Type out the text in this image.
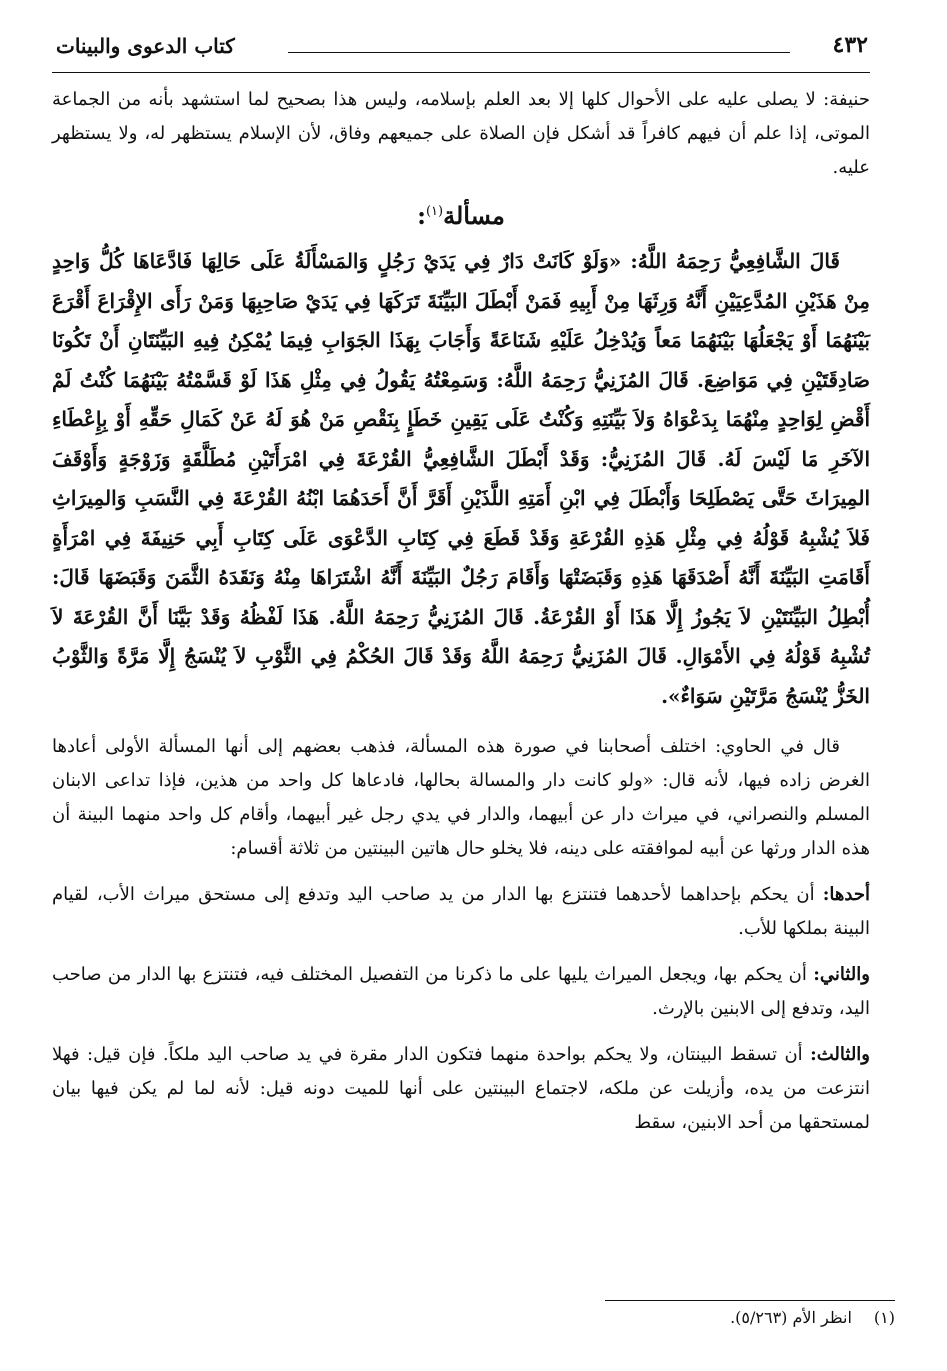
٤٣٢
كتاب الدعوى والبينات

حنيفة: لا يصلى عليه على الأحوال كلها إلا بعد العلم بإسلامه، وليس هذا بصحيح لما استشهد بأنه من الجماعة الموتى، إذا علم أن فيهم كافراً قد أشكل فإن الصلاة على جميعهم وفاق، لأن الإسلام يستظهر له، ولا يستظهر عليه.

مسألة$^{(١)}$:

قَالَ الشَّافِعِيُّ رَحِمَهُ اللَّهُ: «وَلَوْ كَانَتْ دَارٌ فِي يَدَيْ رَجُلٍ وَالمَسْأَلَةُ عَلَى حَالِهَا فَادَّعَاهَا كُلُّ وَاحِدٍ مِنْ هَذَيْنِ المُدَّعِيَيْنِ أَنَّهُ وَرِثَهَا مِنْ أَبِيهِ فَمَنْ أَبْطَلَ البَيِّنَةَ تَرَكَهَا فِي يَدَيْ صَاحِبِهَا وَمَنْ رَأَى الإِقْرَاعَ أَقْرَعَ بَيْنَهُمَا أَوْ يَجْعَلُهَا بَيْنَهُمَا مَعاً وَيُدْخِلُ عَلَيْهِ شَنَاعَةً وَأَجَابَ بِهَذَا الجَوَابِ فِيمَا يُمْكِنُ فِيهِ البَيِّنَتَانِ أَنْ تَكُونَا صَادِقَتَيْنِ فِي مَوَاضِعَ. قَالَ المُزَنِيُّ رَحِمَهُ اللَّهُ: وَسَمِعْتُهُ يَقُولُ فِي مِثْلِ هَذَا لَوْ قَسَّمْتُهُ بَيْنَهُمَا كُنْتُ لَمْ أَقْضِ لِوَاحِدٍ مِنْهُمَا بِدَعْوَاهُ وَلاَ بَيِّنَتِهِ وَكُنْتُ عَلَى يَقِينِ خَطَإٍ بِنَقْصِ مَنْ هُوَ لَهُ عَنْ كَمَالِ حَقِّهِ أَوْ بِإِعْطَاءِ الآخَرِ مَا لَيْسَ لَهُ. قَالَ المُزَنِيُّ: وَقَدْ أَبْطَلَ الشَّافِعِيُّ القُرْعَةَ فِي امْرَأَتَيْنِ مُطَلَّقَةٍ وَزَوْجَةٍ وَأَوْقَفَ المِيرَاثَ حَتَّى يَصْطَلِحَا وَأَبْطَلَ فِي ابْنِ أَمَتِهِ اللَّذَيْنِ أَقَرَّ أَنَّ أَحَدَهُمَا ابْنُهُ القُرْعَةَ فِي النَّسَبِ وَالمِيرَاثِ فَلاَ يُشْبِهُ قَوْلُهُ فِي مِثْلِ هَذِهِ القُرْعَةِ وَقَدْ قَطَعَ فِي كِتَابِ الدَّعْوَى عَلَى كِتَابِ أَبِي حَنِيفَةَ فِي امْرَأَةٍ أَقَامَتِ البَيِّنَةَ أَنَّهُ أَصْدَقَهَا هَذِهِ وَقَبَضَتْهَا وَأَقَامَ رَجُلٌ البَيِّنَةَ أَنَّهُ اشْتَرَاهَا مِنْهُ وَنَقَدَهُ الثَّمَنَ وَقَبَضَهَا قَالَ: أُبْطِلُ البَيِّنَتَيْنِ لاَ يَجُوزُ إِلَّا هَذَا أَوْ القُرْعَةُ. قَالَ المُزَنِيُّ رَحِمَهُ اللَّهُ. هَذَا لَفْظُهُ وَقَدْ بَيَّنَا أَنَّ القُرْعَةَ لاَ تُشْبِهُ قَوْلُهُ فِي الأَمْوَالِ. قَالَ المُزَنِيُّ رَحِمَهُ اللَّهُ وَقَدْ قَالَ الحُكْمُ فِي الثَّوْبِ لاَ يُنْسَجُ إِلَّا مَرَّةً وَالثَّوْبُ الخَزُّ يُنْسَجُ مَرَّتَيْنِ سَوَاءٌ».

قال في الحاوي: اختلف أصحابنا في صورة هذه المسألة، فذهب بعضهم إلى أنها المسألة الأولى أعادها الغرض زاده فيها، لأنه قال: «ولو كانت دار والمسالة بحالها، فادعاها كل واحد من هذين، فإذا تداعى الابنان المسلم والنصراني، في ميراث دار عن أبيهما، والدار في يدي رجل غير أبيهما، وأقام كل واحد منهما البينة أن هذه الدار ورثها عن أبيه لموافقته على دينه، فلا يخلو حال هاتين البينتين من ثلاثة أقسام:

أحدها: أن يحكم بإحداهما لأحدهما فتنتزع بها الدار من يد صاحب اليد وتدفع إلى مستحق ميراث الأب، لقيام البينة بملكها للأب.

والثاني: أن يحكم بها، ويجعل الميراث يليها على ما ذكرنا من التفصيل المختلف فيه، فتنتزع بها الدار من صاحب اليد، وتدفع إلى الابنين بالإرث.

والثالث: أن تسقط البينتان، ولا يحكم بواحدة منهما فتكون الدار مقرة في يد صاحب اليد ملكاً. فإن قيل: فهلا انتزعت من يده، وأزيلت عن ملكه، لاجتماع البينتين على أنها للميت دونه قيل: لأنه لما لم يكن فيها بيان لمستحقها من أحد الابنين، سقط

(١)انظر الأم (٥/٢٦٣).
